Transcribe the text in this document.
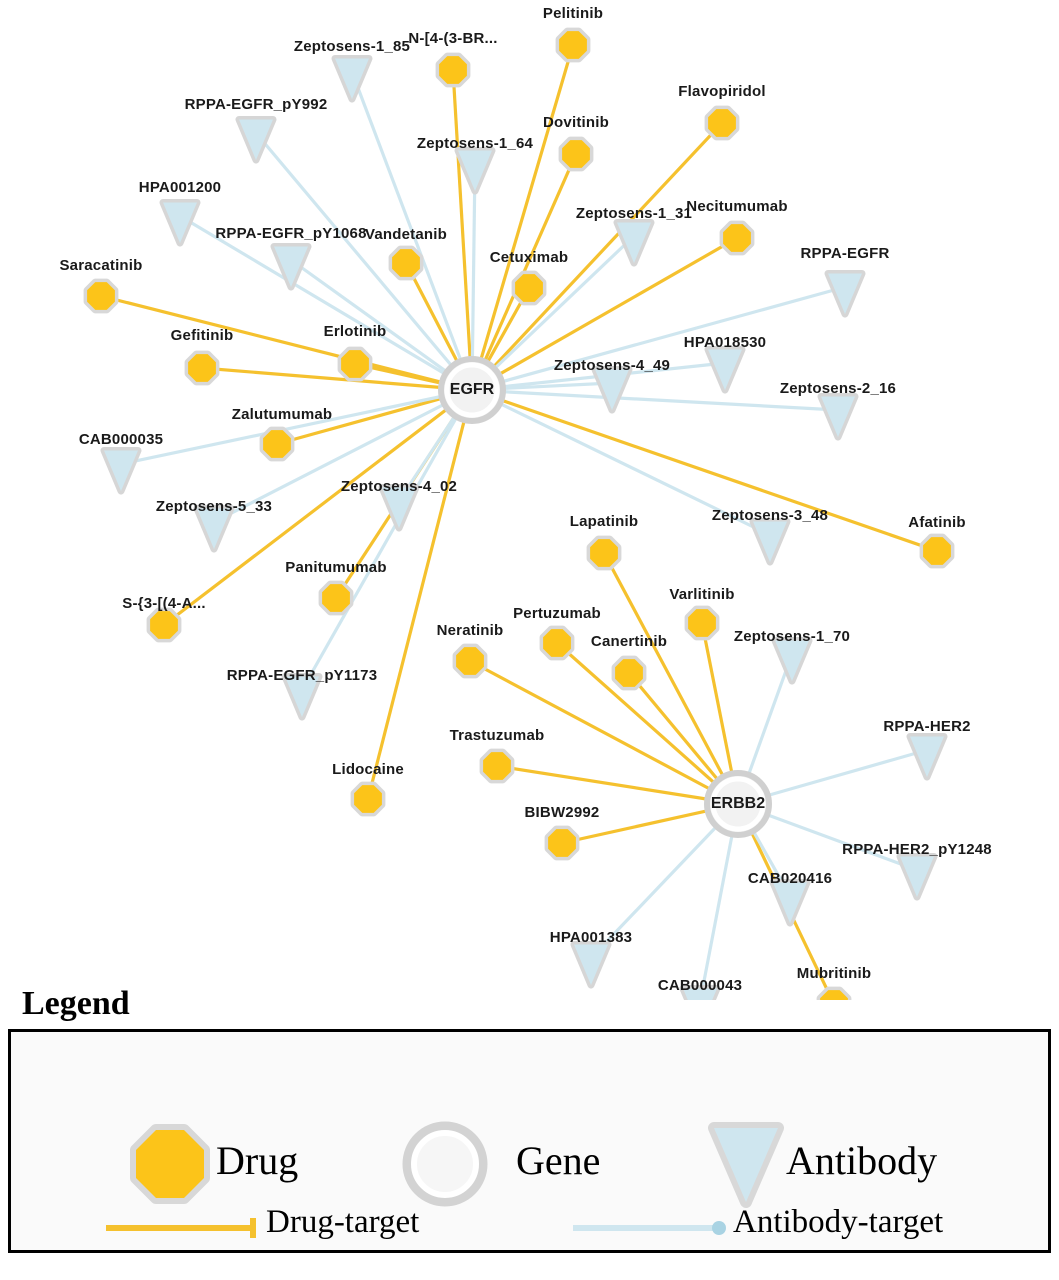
Pelitinib
N-[4-(3-BR...
Flavopiridol
Dovitinib
Necitumumab
Vandetanib
Cetuximab
Saracatinib
Gefitinib	Erlotinib
Zalutumumab
Afatinib
Lapatinib
Panitumumab
Varlitinib
S-{3-[(4-A...
Pertuzumab
Neratinib
Canertinib
Trastuzumab
Lidocaine
BIBW2992
Mubritinib
Zeptosens-1_85
RPPA-EGFR_pY992
Zeptosens-1_64
HPA001200
Zeptosens-1_31
RPPA-EGFR_pY1068
RPPA-EGFR
HPA018530
Zeptosens-4_49
Zeptosens-2_16
CAB000035
Zeptosens-4_02
Zeptosens-5_33
Zeptosens-3_48
Zeptosens-1_70
RPPA-EGFR_pY1173
RPPA-HER2
RPPA-HER2_pY1248
CAB020416
HPA001383
CAB000043
EGFR
ERBB2
Legend
Drug	Gene	Antibody
Drug-target	Antibody-target
